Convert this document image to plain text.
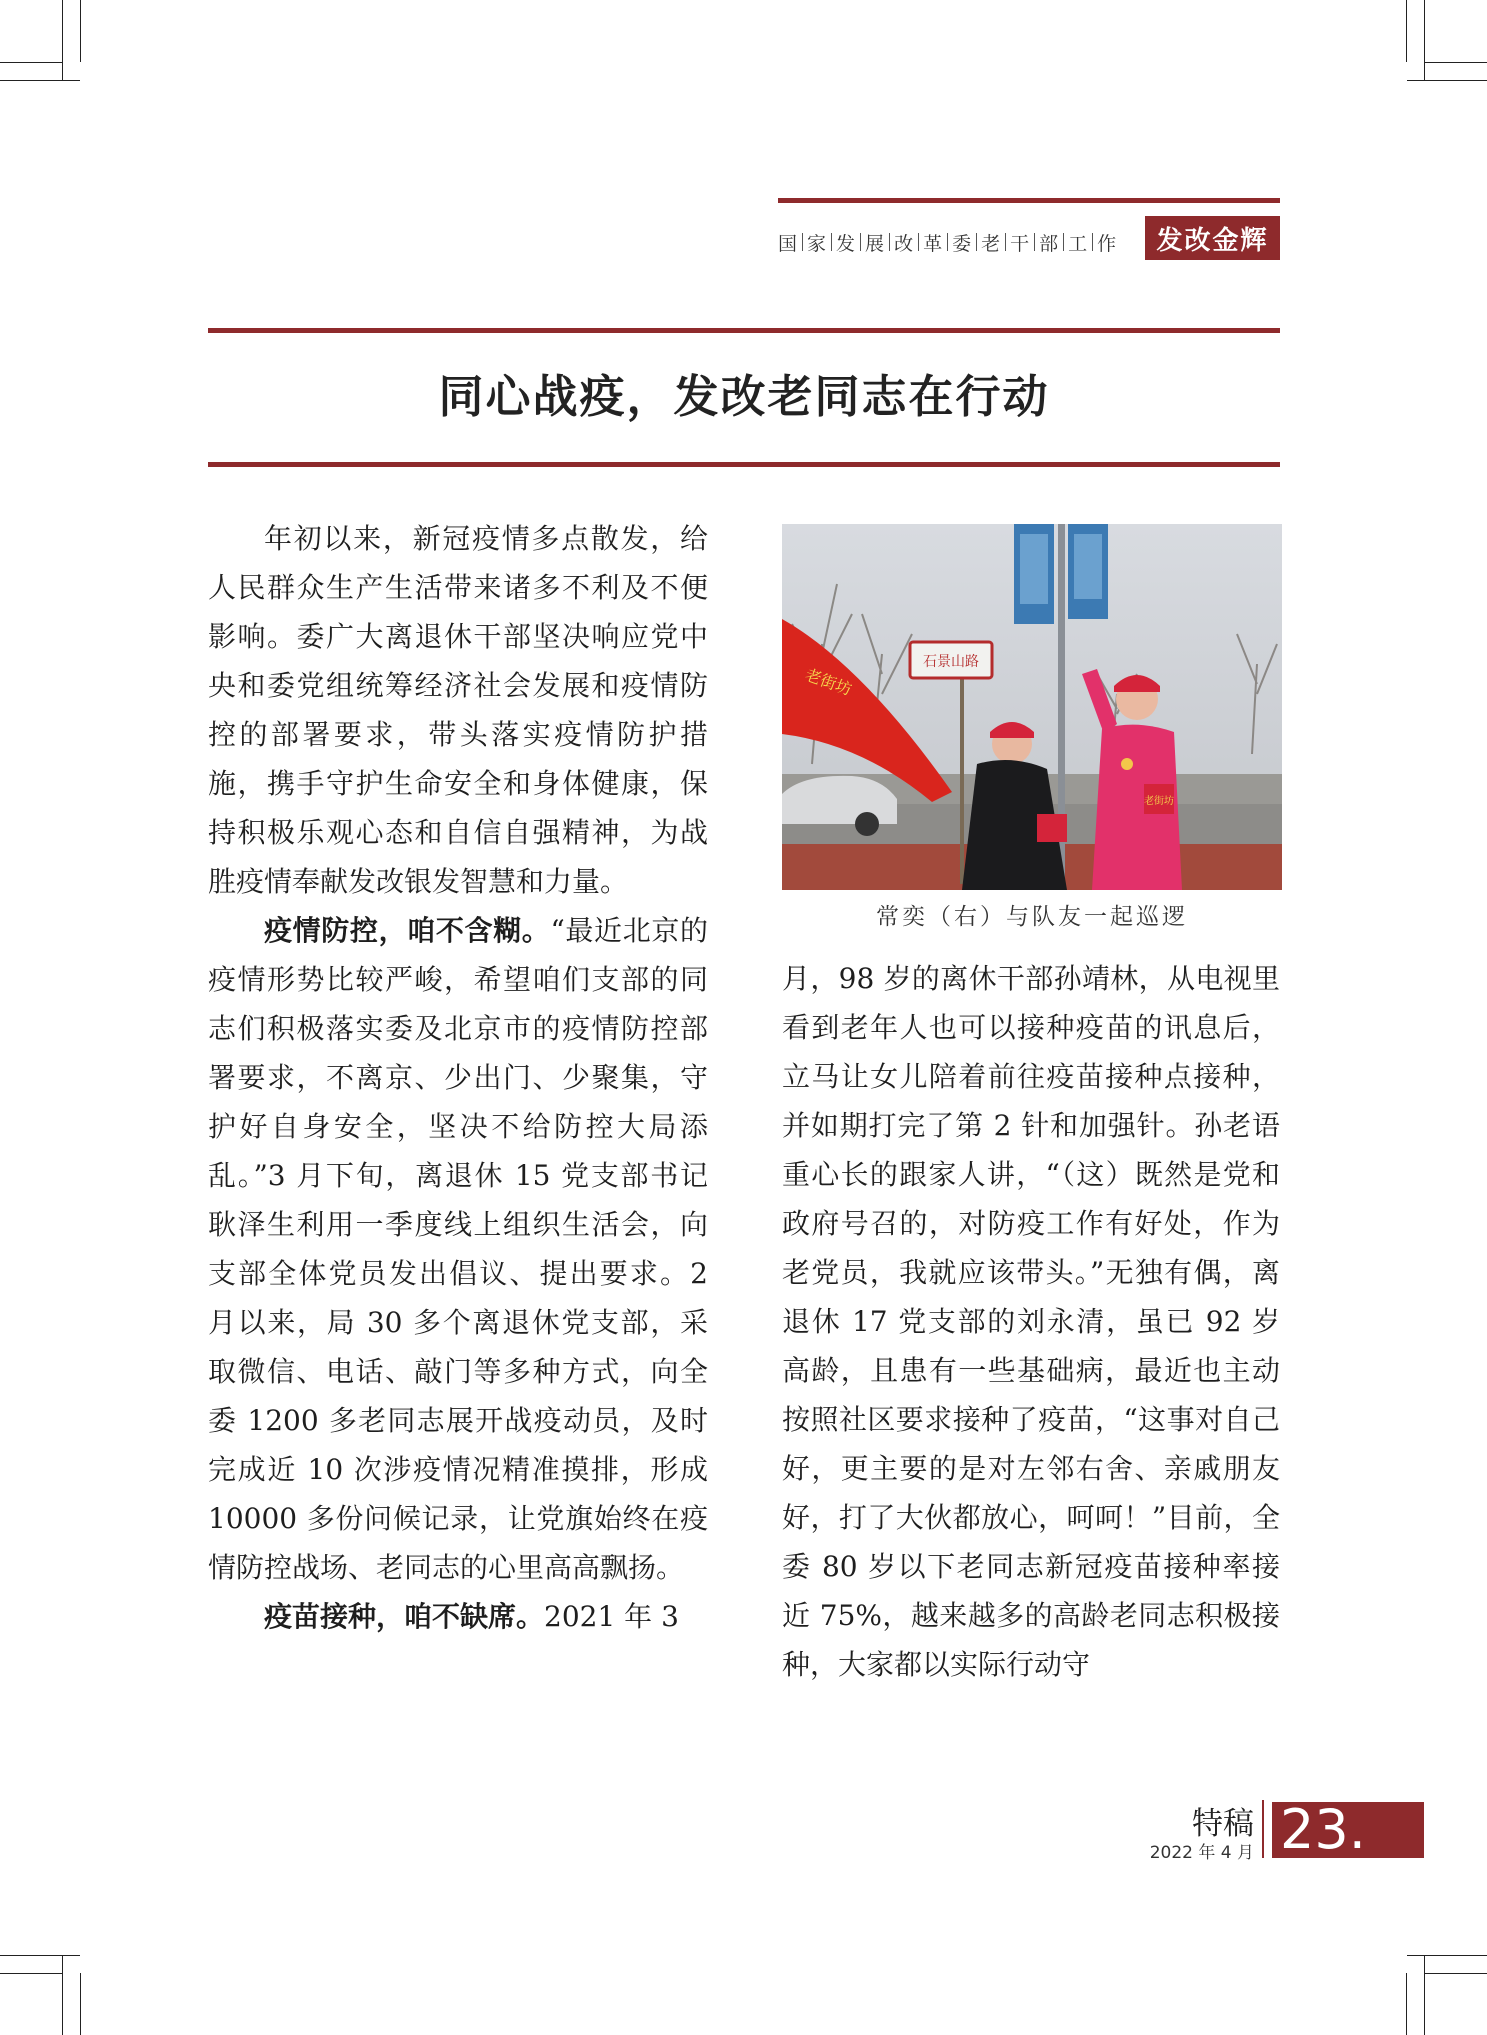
国 家 发 展 改 革 委 老 干 部 工 作	发改金辉
同心战疫，发改老同志在行动

年初以来，新冠疫情多点散发，给人民群众生产生活带来诸多不利及不便影响。委广大离退休干部坚决响应党中央和委党组统筹经济社会发展和疫情防控的部署要求，带头落实疫情防护措施，携手守护生命安全和身体健康，保持积极乐观心态和自信自强精神，为战胜疫情奉献发改银发智慧和力量。

疫情防控，咱不含糊。“最近北京的疫情形势比较严峻，希望咱们支部的同志们积极落实委及北京市的疫情防控部署要求，不离京、少出门、少聚集，守护好自身安全，坚决不给防控大局添乱。”3 月下旬，离退休 15 党支部书记耿泽生利用一季度线上组织生活会，向支部全体党员发出倡议、提出要求。2 月以来，局 30 多个离退休党支部，采取微信、电话、敲门等多种方式，向全委 1200 多老同志展开战疫动员，及时完成近 10 次涉疫情况精准摸排，形成 10000 多份问候记录，让党旗始终在疫情防控战场、老同志的心里高高飘扬。

疫苗接种，咱不缺席。2021 年 3

石景山路
老街坊
老街坊
常奕（右）与队友一起巡逻

月，98 岁的离休干部孙靖林，从电视里看到老年人也可以接种疫苗的讯息后，立马让女儿陪着前往疫苗接种点接种，并如期打完了第 2 针和加强针。孙老语重心长的跟家人讲，“（这）既然是党和政府号召的，对防疫工作有好处，作为老党员，我就应该带头。”无独有偶，离退休 17 党支部的刘永清，虽已 92 岁高龄，且患有一些基础病，最近也主动按照社区要求接种了疫苗，“这事对自己好，更主要的是对左邻右舍、亲戚朋友好，打了大伙都放心，呵呵！”目前，全委 80 岁以下老同志新冠疫苗接种率接近 75%，越来越多的高龄老同志积极接种，大家都以实际行动守

特稿
2022 年 4 月 23.
